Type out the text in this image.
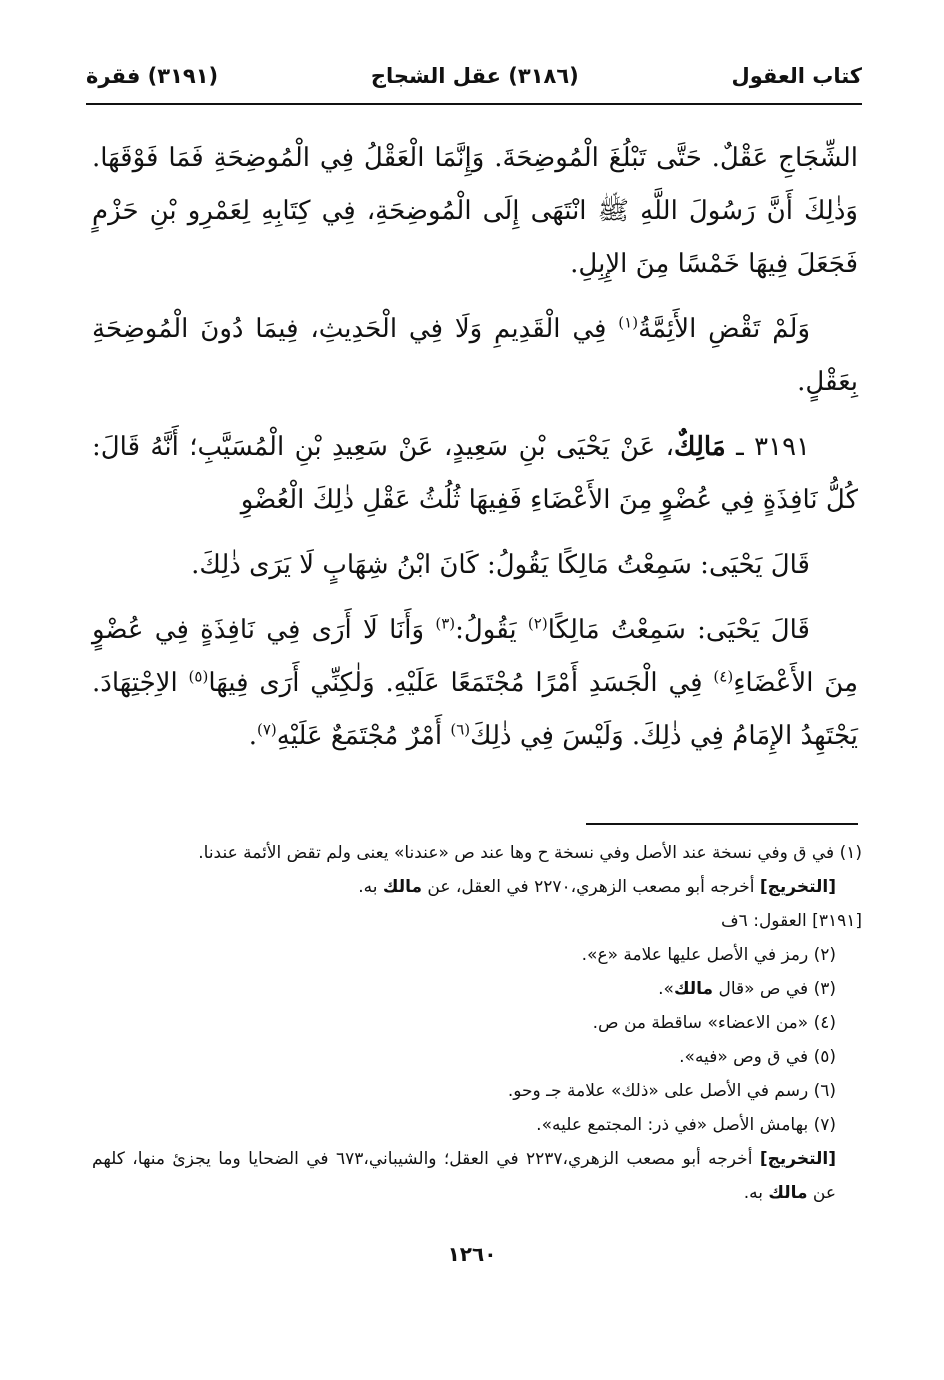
كتاب العقول
(٣١٨٦) عقل الشجاج
(٣١٩١) فقرة

الشِّجَاجِ عَقْلٌ. حَتَّى تَبْلُغَ الْمُوضِحَةَ. وَإِنَّمَا الْعَقْلُ فِي الْمُوضِحَةِ فَمَا فَوْقَهَا. وَذٰلِكَ أَنَّ رَسُولَ اللَّهِ ﷺ انْتَهَى إِلَى الْمُوضِحَةِ، فِي كِتَابِهِ لِعَمْرِو بْنِ حَزْمٍ فَجَعَلَ فِيهَا خَمْسًا مِنَ الإِبِلِ.

وَلَمْ تَقْضِ الأَئِمَّةُ$^{(١)}$ فِي الْقَدِيمِ وَلَا فِي الْحَدِيثِ، فِيمَا دُونَ الْمُوضِحَةِ بِعَقْلٍ.

٣١٩١ ـ مَالِكٌ، عَنْ يَحْيَى بْنِ سَعِيدٍ، عَنْ سَعِيدِ بْنِ الْمُسَيَّبِ؛ أَنَّهُ قَالَ: كُلُّ نَافِذَةٍ فِي عُضْوٍ مِنَ الأَعْضَاءِ فَفِيهَا ثُلُثُ عَقْلِ ذٰلِكَ الْعُضْوِ

قَالَ يَحْيَى: سَمِعْتُ مَالِكًا يَقُولُ: كَانَ ابْنُ شِهَابٍ لَا يَرَى ذٰلِكَ.

قَالَ يَحْيَى: سَمِعْتُ مَالِكًا$^{(٢)}$ يَقُولُ:$^{(٣)}$ وَأَنَا لَا أَرَى فِي نَافِذَةٍ فِي عُضْوٍ مِنَ الأَعْضَاءِ$^{(٤)}$ فِي الْجَسَدِ أَمْرًا مُجْتَمَعًا عَلَيْهِ. وَلٰكِنِّي أَرَى فِيهَا$^{(٥)}$ الاِجْتِهَادَ. يَجْتَهِدُ الإِمَامُ فِي ذٰلِكَ. وَلَيْسَ فِي ذٰلِكَ$^{(٦)}$ أَمْرٌ مُجْتَمَعٌ عَلَيْهِ$^{(٧)}$.

(١) في ق وفي نسخة عند الأصل وفي نسخة ح وها عند ص «عندنا» يعنى ولم تقض الأئمة عندنا.

[التخريج] أخرجه أبو مصعب الزهري،٢٢٧٠ في العقل، عن مالك به.

[٣١٩١] العقول: ٦ف

(٢) رمز في الأصل عليها علامة «ع».

(٣) في ص «قال مالك».

(٤) «من الاعضاء» ساقطة من ص.

(٥) في ق وص «فيه».

(٦) رسم في الأصل على «ذلك» علامة جـ وحو.

(٧) بهامش الأصل «في ذر: المجتمع عليه».

[التخريج] أخرجه أبو مصعب الزهري،٢٢٣٧ في العقل؛ والشيباني،٦٧٣ في الضحايا وما يجزئ منها، كلهم عن مالك به.

١٢٦٠
